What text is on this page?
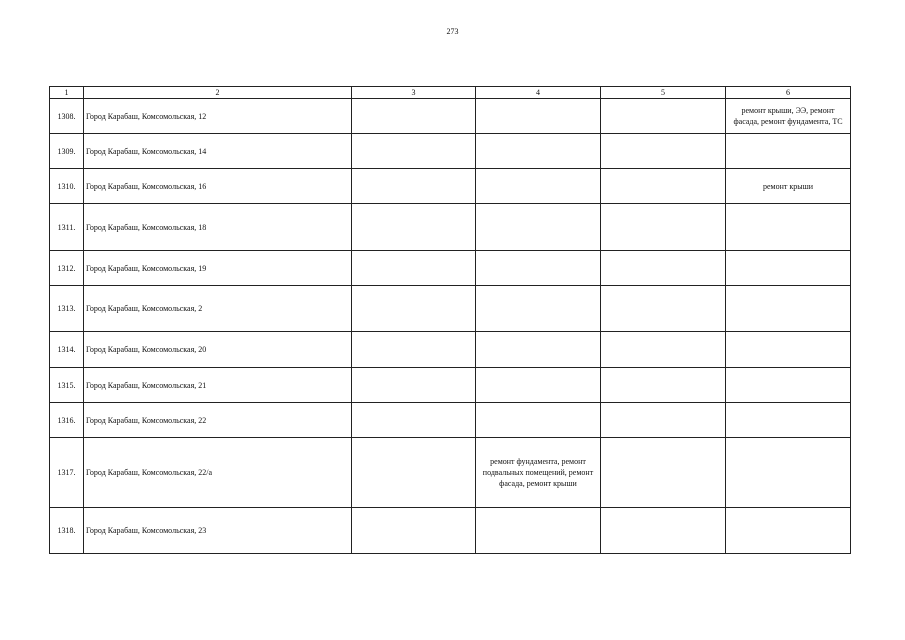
273
1	2	3	4	5	6
1308.	Город Карабаш, Комсомольская, 12				ремонт крыши, ЭЭ, ремонт фасада, ремонт фундамента, ТС
1309.	Город Карабаш, Комсомольская, 14				
1310.	Город Карабаш, Комсомольская, 16				ремонт крыши
1311.	Город Карабаш, Комсомольская, 18				
1312.	Город Карабаш, Комсомольская, 19				
1313.	Город Карабаш, Комсомольская, 2				
1314.	Город Карабаш, Комсомольская, 20				
1315.	Город Карабаш, Комсомольская, 21				
1316.	Город Карабаш, Комсомольская, 22				
1317.	Город Карабаш, Комсомольская, 22/а		ремонт фундамента, ремонт подвальных помещений, ремонт фасада, ремонт крыши		
1318.	Город Карабаш, Комсомольская, 23				
